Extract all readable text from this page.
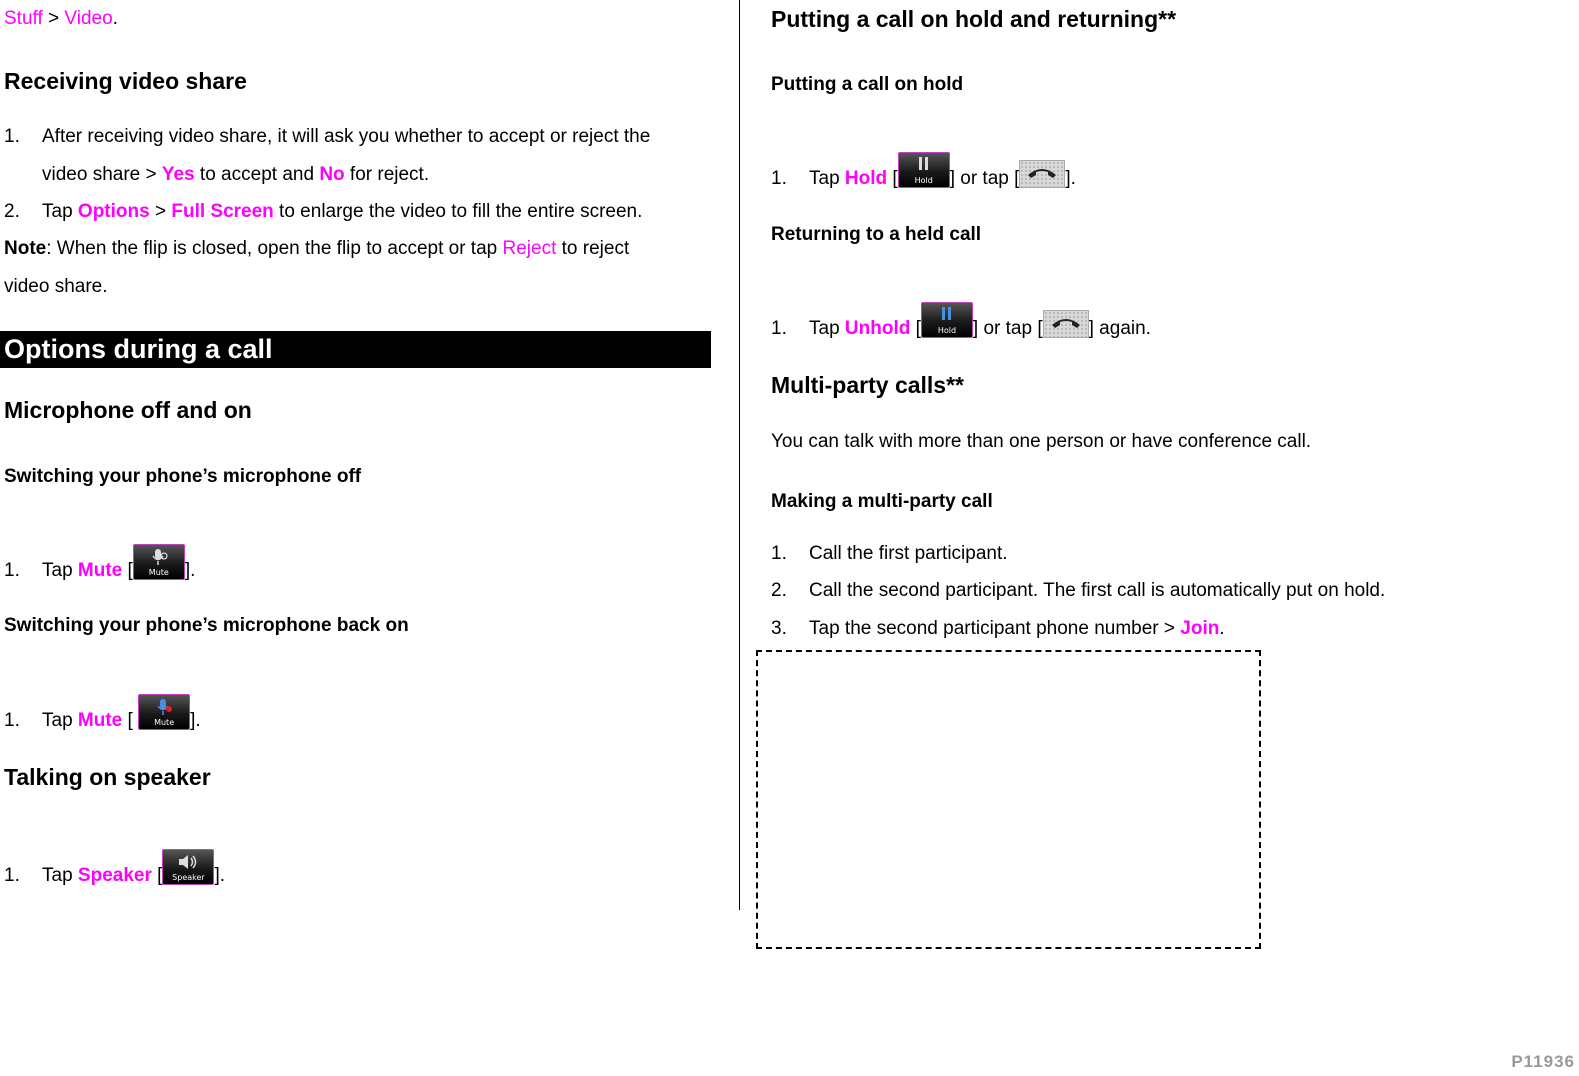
Stuff > Video.
Receiving video share
1. After receiving video share, it will ask you whether to accept or reject the
video share > Yes to accept and No for reject.
2. Tap Options > Full Screen to enlarge the video to fill the entire screen.
Note: When the flip is closed, open the flip to accept or tap Reject to reject
video share.
Options during a call
Microphone off and on
Switching your phone’s microphone off
1. Tap Mute [	Mute ].
Switching your phone’s microphone back on
1. Tap Mute [	Mute ].
Talking on speaker
1. Tap Speaker [	Speaker ].
Putting a call on hold and returning**
Putting a call on hold
1. Tap Hold [	Hold ] or tap [ ].
Returning to a held call
1. Tap Unhold [	Hold ] or tap [ ] again.
Multi-party calls**
You can talk with more than one person or have conference call.
Making a multi-party call
1. Call the first participant.
2. Call the second participant. The first call is automatically put on hold.
3. Tap the second participant phone number > Join.
P11936
